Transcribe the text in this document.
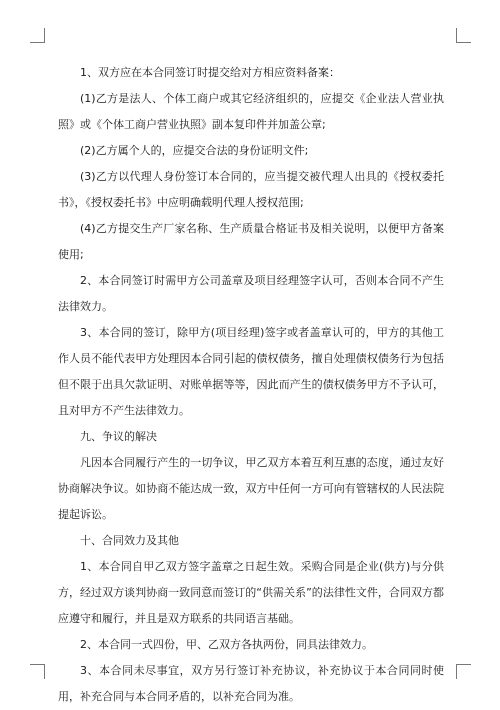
1、双方应在本合同签订时提交给对方相应资料备案：

(1)乙方是法人、个体工商户或其它经济组织的，应提交《企业法人营业执照》或《个体工商户营业执照》副本复印件并加盖公章;

(2)乙方属个人的，应提交合法的身份证明文件;

(3)乙方以代理人身份签订本合同的，应当提交被代理人出具的《授权委托书》，《授权委托书》中应明确载明代理人授权范围;

(4)乙方提交生产厂家名称、生产质量合格证书及相关说明，以便甲方备案使用;

2、本合同签订时需甲方公司盖章及项目经理签字认可，否则本合同不产生法律效力。

3、本合同的签订，除甲方(项目经理)签字或者盖章认可的，甲方的其他工作人员不能代表甲方处理因本合同引起的债权债务，擅自处理债权债务行为包括但不限于出具欠款证明、对账单据等等，因此而产生的债权债务甲方不予认可，且对甲方不产生法律效力。

九、争议的解决

凡因本合同履行产生的一切争议，甲乙双方本着互利互惠的态度，通过友好协商解决争议。如协商不能达成一致，双方中任何一方可向有管辖权的人民法院提起诉讼。

十、合同效力及其他

1、本合同自甲乙双方签字盖章之日起生效。采购合同是企业(供方)与分供方，经过双方谈判协商一致同意而签订的“供需关系”的法律性文件，合同双方都应遵守和履行，并且是双方联系的共同语言基础。

2、本合同一式四份，甲、乙双方各执两份，同具法律效力。

3、本合同未尽事宜，双方另行签订补充协议，补充协议于本合同同时使用，补充合同与本合同矛盾的，以补充合同为准。
